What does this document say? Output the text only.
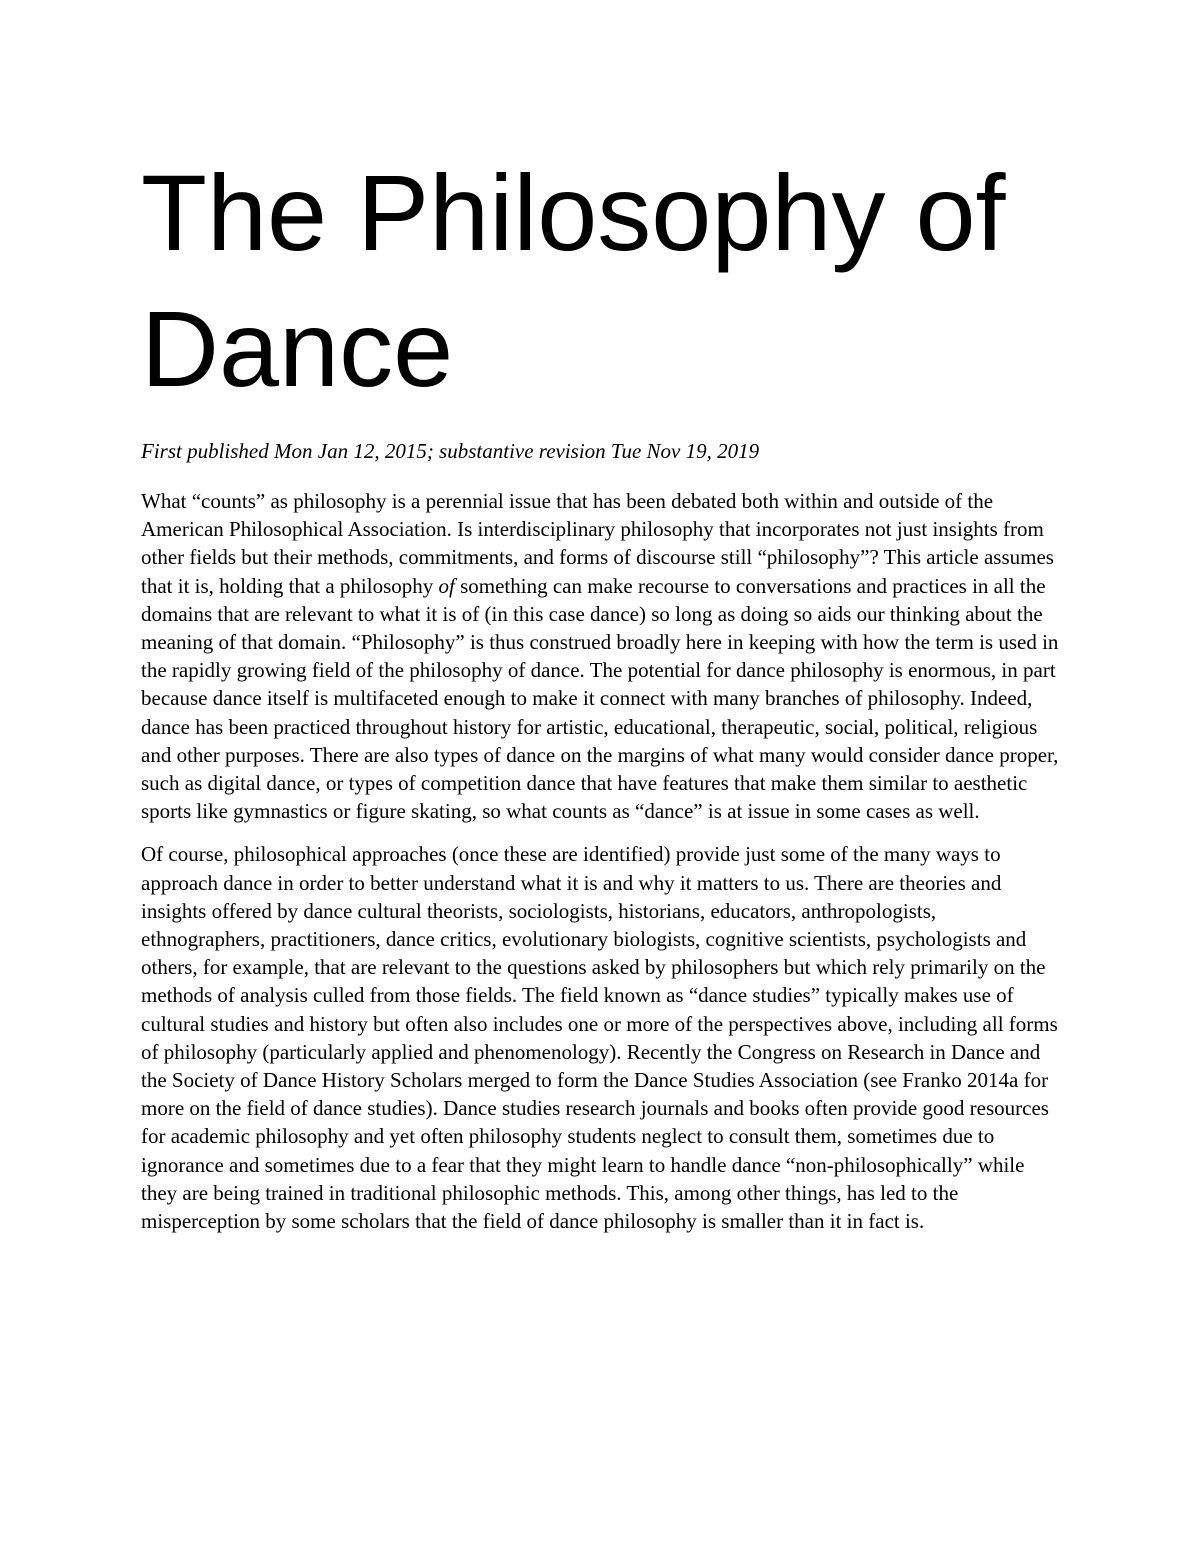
The Philosophy of
Dance

First published Mon Jan 12, 2015; substantive revision Tue Nov 19, 2019

What “counts” as philosophy is a perennial issue that has been debated both within and outside of the American Philosophical Association. Is interdisciplinary philosophy that incorporates not just insights from other fields but their methods, commitments, and forms of discourse still “philosophy”? This article assumes that it is, holding that a philosophy of something can make recourse to conversations and practices in all the domains that are relevant to what it is of (in this case dance) so long as doing so aids our thinking about the meaning of that domain. “Philosophy” is thus construed broadly here in keeping with how the term is used in the rapidly growing field of the philosophy of dance. The potential for dance philosophy is enormous, in part because dance itself is multifaceted enough to make it connect with many branches of philosophy. Indeed, dance has been practiced throughout history for artistic, educational, therapeutic, social, political, religious and other purposes. There are also types of dance on the margins of what many would consider dance proper, such as digital dance, or types of competition dance that have features that make them similar to aesthetic sports like gymnastics or figure skating, so what counts as “dance” is at issue in some cases as well.

Of course, philosophical approaches (once these are identified) provide just some of the many ways to approach dance in order to better understand what it is and why it matters to us. There are theories and insights offered by dance cultural theorists, sociologists, historians, educators, anthropologists, ethnographers, practitioners, dance critics, evolutionary biologists, cognitive scientists, psychologists and others, for example, that are relevant to the questions asked by philosophers but which rely primarily on the methods of analysis culled from those fields. The field known as “dance studies” typically makes use of cultural studies and history but often also includes one or more of the perspectives above, including all forms of philosophy (particularly applied and phenomenology). Recently the Congress on Research in Dance and the Society of Dance History Scholars merged to form the Dance Studies Association (see Franko 2014a for more on the field of dance studies). Dance studies research journals and books often provide good resources for academic philosophy and yet often philosophy students neglect to consult them, sometimes due to ignorance and sometimes due to a fear that they might learn to handle dance “non-philosophically” while they are being trained in traditional philosophic methods. This, among other things, has led to the misperception by some scholars that the field of dance philosophy is smaller than it in fact is.
